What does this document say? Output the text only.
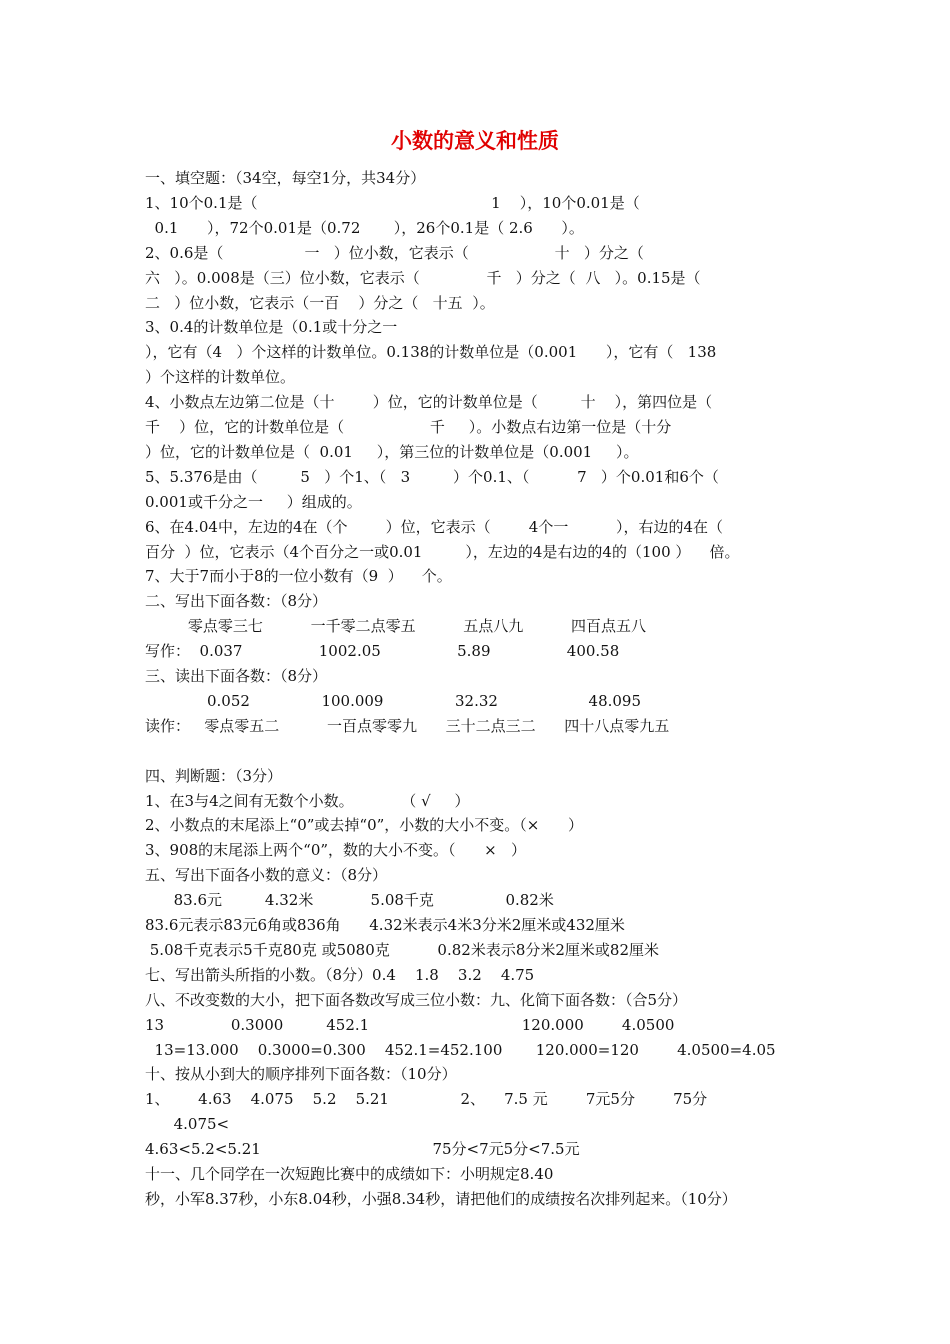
小数的意义和性质
一、填空题：（34空，每空1分，共34分）
1、10个0.1是（                                                 1    ），10个0.01是（
0.1      ），72个0.01是（0.72       ），26个0.1是（ 2.6      ）。
2、0.6是（                 一   ）位小数，它表示（                  十   ）分之（
六   ）。0.008是（三）位小数，它表示（              千   ）分之（  八   ）。0.15是（
二   ）位小数，它表示（一百    ）分之（   十五  ）。
3、0.4的计数单位是（0.1或十分之一
），它有（4   ）个这样的计数单位。0.138的计数单位是（0.001      ），它有（   138
）个这样的计数单位。
4、小数点左边第二位是（十        ）位，它的计数单位是（         十    ），第四位是（
千    ）位，它的计数单位是（                  千     ）。小数点右边第一位是（十分
）位，它的计数单位是（  0.01     ），第三位的计数单位是（0.001     ）。
5、5.376是由（         5   ）个1、（   3         ）个0.1、（          7   ）个0.01和6个（
0.001或千分之一     ）组成的。
6、在4.04中，左边的4在（个        ）位，它表示（        4个一          ），右边的4在（
百分  ）位，它表示（4个百分之一或0.01         ），左边的4是右边的4的（100 ）    倍。
7、大于7而小于8的一位小数有（9  ）    个。
二、写出下面各数：（8分）
零点零三七          一千零二点零五          五点八九          四百点五八
写作：  0.037                1002.05                5.89                400.58
三、读出下面各数：（8分）
0.052               100.009               32.32                   48.095
读作：   零点零五二          一百点零零九      三十二点三二      四十八点零九五
四、判断题：（3分）
1、在3与4之间有无数个小数。          （ √     ）
2、小数点的末尾添上“0”或去掉“0”，小数的大小不变。（×      ）
3、908的末尾添上两个“0”，数的大小不变。（      ×   ）
五、写出下面各小数的意义：（8分）
83.6元         4.32米            5.08千克               0.82米
83.6元表示83元6角或836角      4.32米表示4米3分米2厘米或432厘米
5.08千克表示5千克80克 或5080克          0.82米表示8分米2厘米或82厘米
七、写出箭头所指的小数。（8分）0.4    1.8    3.2    4.75
八、不改变数的大小，把下面各数改写成三位小数：九、化简下面各数：（合5分）
13              0.3000         452.1                                120.000        4.0500
13=13.000    0.3000=0.300    452.1=452.100       120.000=120        4.0500=4.05
十、按从小到大的顺序排列下面各数：（10分）
1、      4.63    4.075    5.2    5.21               2、    7.5 元        7元5分        75分
4.075<
4.63<5.2<5.21                                    75分<7元5分<7.5元
十一、几个同学在一次短跑比赛中的成绩如下：小明规定8.40
秒，小军8.37秒，小东8.04秒，小强8.34秒，请把他们的成绩按名次排列起来。（10分）
